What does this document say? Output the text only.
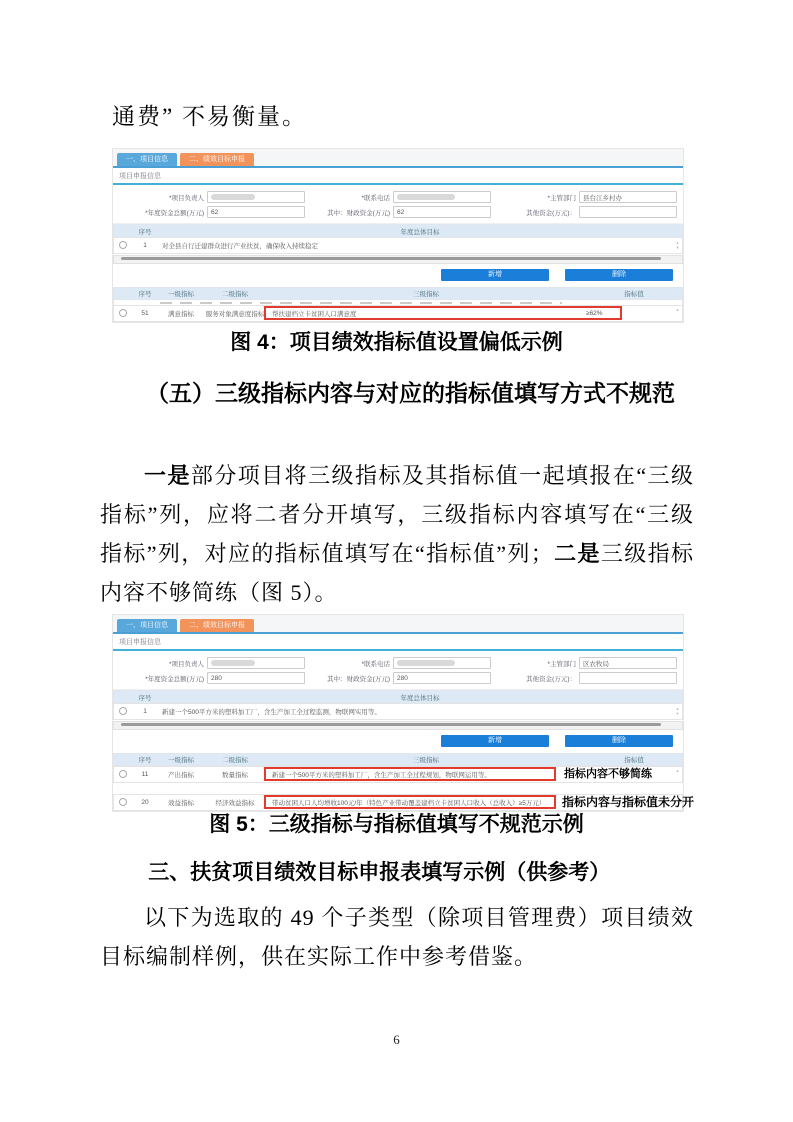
通费” 不易衡量。

一、项目信息	二、绩效目标申报
项目申报信息
*项目负责人	*联系电话	*主管部门	县台江乡村办
*年度资金总额(万元)	62	其中：财政资金(万元)	62	其他资金(万元)：
序号	年度总体目标
1	对全县自行迁建群众进行产业扶贫，确保收入持续稳定
▴
▾
新增	删除
序号	一级指标	二级指标	三级指标	指标值
51	满意指标	服务对象满意度指标	帮扶建档立卡贫困人口满意度	≥62%
▴
图 4：项目绩效指标值设置偏低示例

（五）三级指标内容与对应的指标值填写方式不规范

一是部分项目将三级指标及其指标值一起填报在“三级指标”列，应将二者分开填写，三级指标内容填写在“三级指标”列，对应的指标值填写在“指标值”列；二是三级指标内容不够简练（图 5）。

一、项目信息	二、绩效目标申报
项目申报信息
*项目负责人	*联系电话	*主管部门	区农牧局
*年度资金总额(万元)	280	其中：财政资金(万元)	280	其他资金(万元)：
序号	年度总体目标
1	新建一个500平方米的塑料加工厂，含生产加工全过程监测，物联网实用等。
▴
▾
新增	删除
序号	一级指标	二级指标	三级指标	指标值
11	产出指标	数量指标	新建一个500平方米的塑料加工厂，含生产加工全过程规划，物联网运用等。
▴
指标内容不够简练
20	效益指标	经济效益指标	带动贫困人口人均增收100元/年（特色产业带动覆盖建档立卡贫困人口收入（总收入）≥5万元）	指标内容与指标值未分开
图 5：三级指标与指标值填写不规范示例

三、扶贫项目绩效目标申报表填写示例（供参考）

以下为选取的 49 个子类型（除项目管理费）项目绩效目标编制样例，供在实际工作中参考借鉴。

6
